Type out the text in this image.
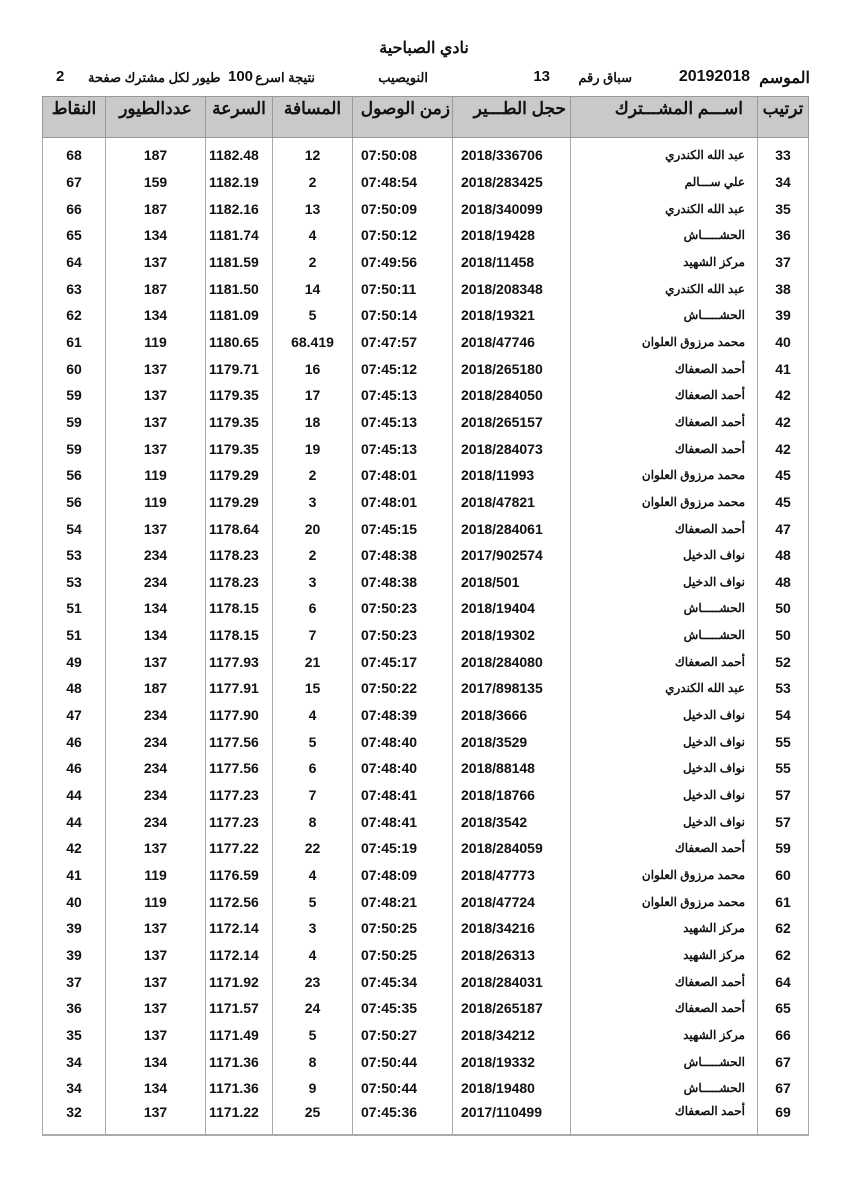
نادي الصباحية
الموسم
20192018
سباق رقم
13
النويصيب
نتيجة اسرع
100
طيور لكل مشترك صفحة
2
ترتيب	اســـم المشـــترك	حجل الطـــير	زمن الوصول	المسافة	السرعة	عددالطيور	النقاط

33	عبد الله الكندري	2018/336706	07:50:08	12	1182.48	187	68
34	علي ســـالم	2018/283425	07:48:54	2	1182.19	159	67
35	عبد الله الكندري	2018/340099	07:50:09	13	1182.16	187	66
36	الحشـــــاش	2018/19428	07:50:12	4	1181.74	134	65
37	مركز الشهيد	2018/11458	07:49:56	2	1181.59	137	64
38	عبد الله الكندري	2018/208348	07:50:11	14	1181.50	187	63
39	الحشـــــاش	2018/19321	07:50:14	5	1181.09	134	62
40	محمد مرزوق العلوان	2018/47746	07:47:57	68.419	1180.65	119	61
41	أحمد الصعفاك	2018/265180	07:45:12	16	1179.71	137	60
42	أحمد الصعفاك	2018/284050	07:45:13	17	1179.35	137	59
42	أحمد الصعفاك	2018/265157	07:45:13	18	1179.35	137	59
42	أحمد الصعفاك	2018/284073	07:45:13	19	1179.35	137	59
45	محمد مرزوق العلوان	2018/11993	07:48:01	2	1179.29	119	56
45	محمد مرزوق العلوان	2018/47821	07:48:01	3	1179.29	119	56
47	أحمد الصعفاك	2018/284061	07:45:15	20	1178.64	137	54
48	نواف الدخيل	2017/902574	07:48:38	2	1178.23	234	53
48	نواف الدخيل	2018/501	07:48:38	3	1178.23	234	53
50	الحشـــــاش	2018/19404	07:50:23	6	1178.15	134	51
50	الحشـــــاش	2018/19302	07:50:23	7	1178.15	134	51
52	أحمد الصعفاك	2018/284080	07:45:17	21	1177.93	137	49
53	عبد الله الكندري	2017/898135	07:50:22	15	1177.91	187	48
54	نواف الدخيل	2018/3666	07:48:39	4	1177.90	234	47
55	نواف الدخيل	2018/3529	07:48:40	5	1177.56	234	46
55	نواف الدخيل	2018/88148	07:48:40	6	1177.56	234	46
57	نواف الدخيل	2018/18766	07:48:41	7	1177.23	234	44
57	نواف الدخيل	2018/3542	07:48:41	8	1177.23	234	44
59	أحمد الصعفاك	2018/284059	07:45:19	22	1177.22	137	42
60	محمد مرزوق العلوان	2018/47773	07:48:09	4	1176.59	119	41
61	محمد مرزوق العلوان	2018/47724	07:48:21	5	1172.56	119	40
62	مركز الشهيد	2018/34216	07:50:25	3	1172.14	137	39
62	مركز الشهيد	2018/26313	07:50:25	4	1172.14	137	39
64	أحمد الصعفاك	2018/284031	07:45:34	23	1171.92	137	37
65	أحمد الصعفاك	2018/265187	07:45:35	24	1171.57	137	36
66	مركز الشهيد	2018/34212	07:50:27	5	1171.49	137	35
67	الحشـــــاش	2018/19332	07:50:44	8	1171.36	134	34
67	الحشـــــاش	2018/19480	07:50:44	9	1171.36	134	34
69	أحمد الصعفاك	2017/110499	07:45:36	25	1171.22	137	32
